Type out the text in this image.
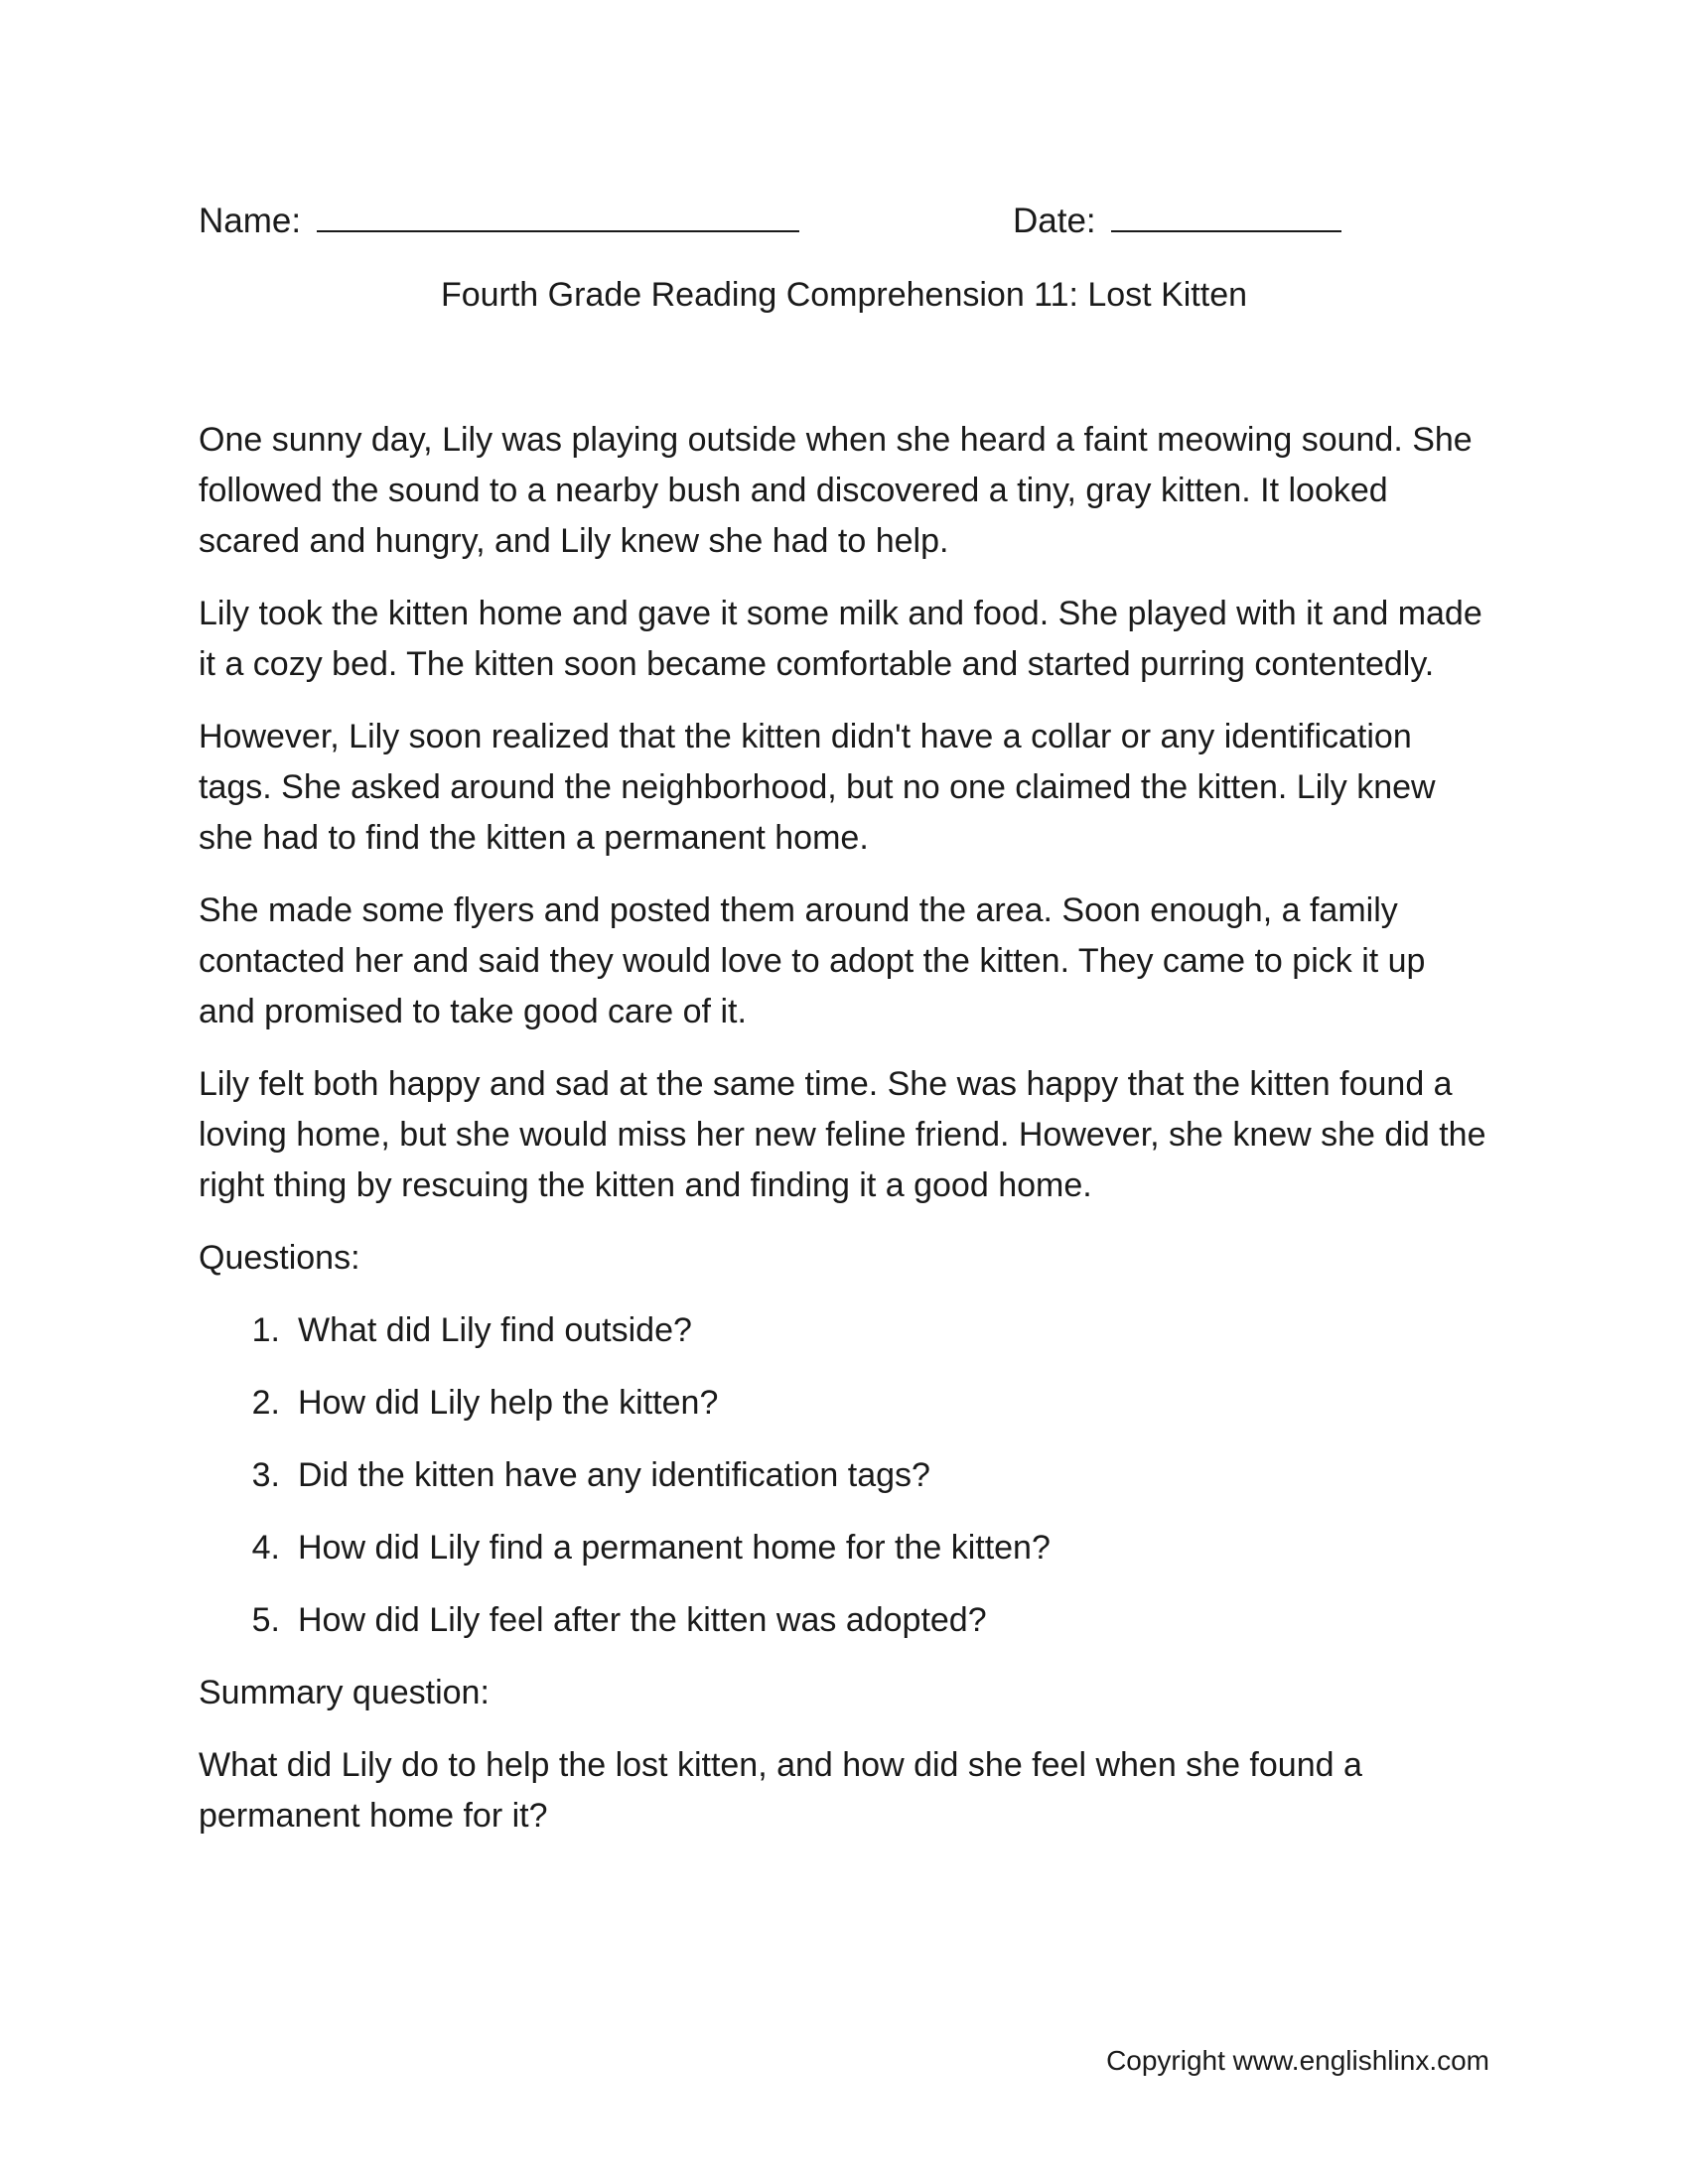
Name:	Date:
Fourth Grade Reading Comprehension 11: Lost Kitten

One sunny day, Lily was playing outside when she heard a faint meowing sound. She followed the sound to a nearby bush and discovered a tiny, gray kitten. It looked scared and hungry, and Lily knew she had to help.

Lily took the kitten home and gave it some milk and food. She played with it and made it a cozy bed. The kitten soon became comfortable and started purring contentedly.

However, Lily soon realized that the kitten didn't have a collar or any identification tags. She asked around the neighborhood, but no one claimed the kitten. Lily knew she had to find the kitten a permanent home.

She made some flyers and posted them around the area. Soon enough, a family contacted her and said they would love to adopt the kitten. They came to pick it up and promised to take good care of it.

Lily felt both happy and sad at the same time. She was happy that the kitten found a loving home, but she would miss her new feline friend. However, she knew she did the right thing by rescuing the kitten and finding it a good home.

Questions:
1. What did Lily find outside?
2. How did Lily help the kitten?
3. Did the kitten have any identification tags?
4. How did Lily find a permanent home for the kitten?
5. How did Lily feel after the kitten was adopted?
Summary question:

What did Lily do to help the lost kitten, and how did she feel when she found a permanent home for it?

Copyright www.englishlinx.com
